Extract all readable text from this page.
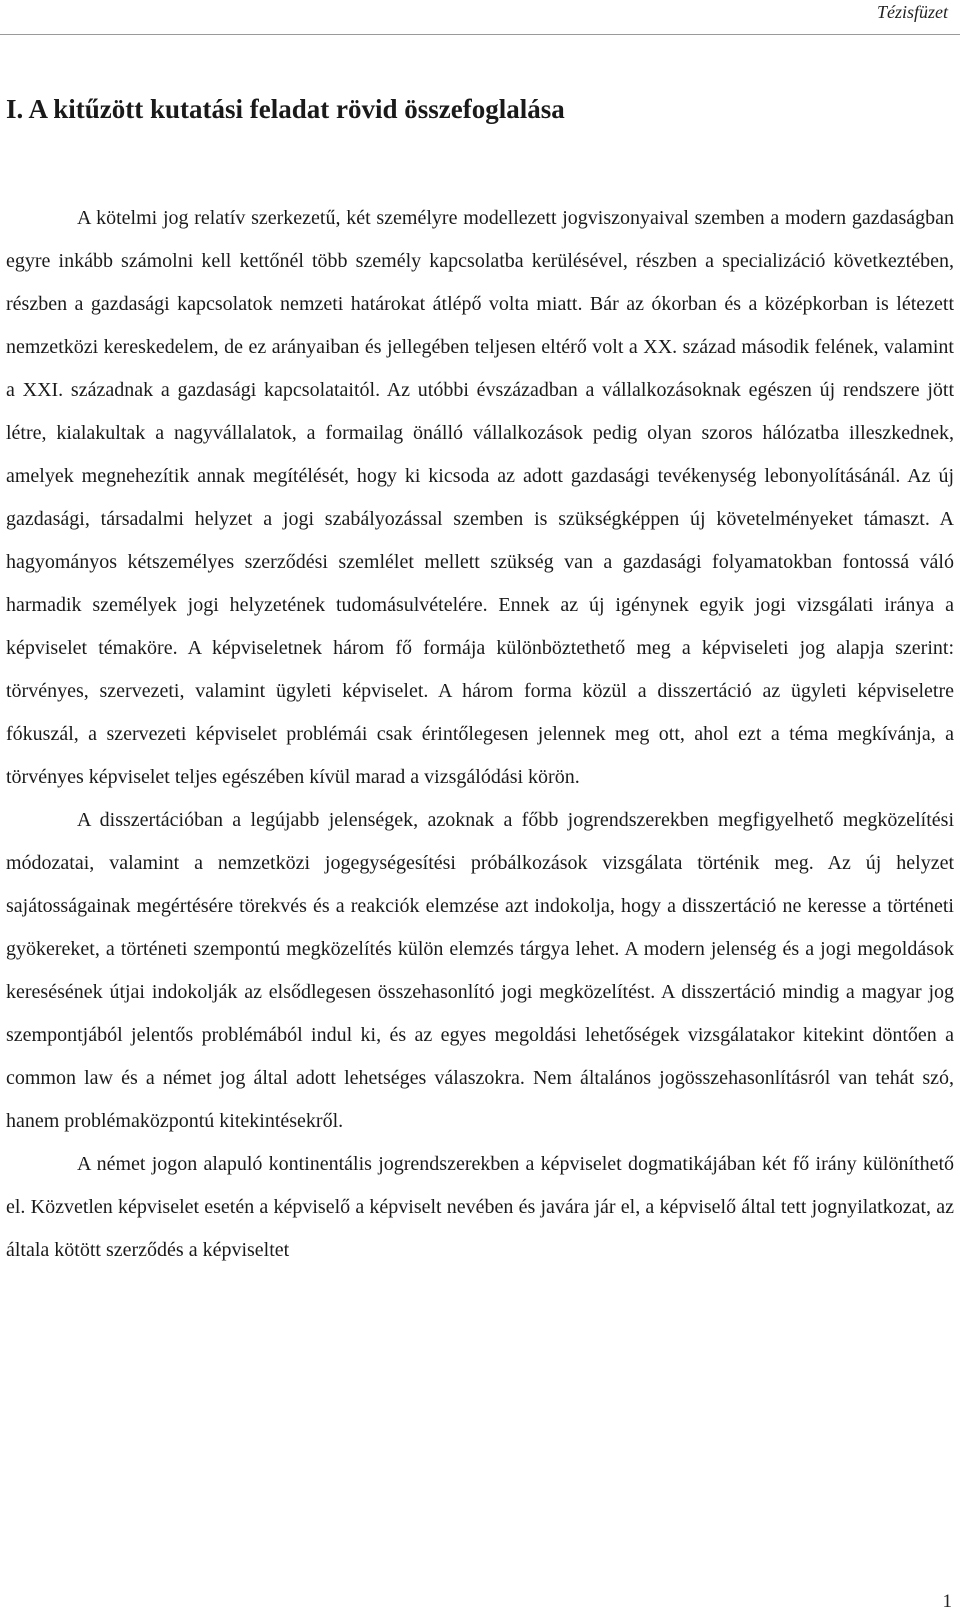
Tézisfüzet
I. A kitűzött kutatási feladat rövid összefoglalása

A kötelmi jog relatív szerkezetű, két személyre modellezett jogviszonyaival szemben a modern gazdaságban egyre inkább számolni kell kettőnél több személy kapcsolatba kerülésével, részben a specializáció következtében, részben a gazdasági kapcsolatok nemzeti határokat átlépő volta miatt. Bár az ókorban és a középkorban is létezett nemzetközi kereskedelem, de ez arányaiban és jellegében teljesen eltérő volt a XX. század második felének, valamint a XXI. századnak a gazdasági kapcsolataitól. Az utóbbi évszázadban a vállalkozásoknak egészen új rendszere jött létre, kialakultak a nagyvállalatok, a formailag önálló vállalkozások pedig olyan szoros hálózatba illeszkednek, amelyek megnehezítik annak megítélését, hogy ki kicsoda az adott gazdasági tevékenység lebonyolításánál. Az új gazdasági, társadalmi helyzet a jogi szabályozással szemben is szükségképpen új követelményeket támaszt. A hagyományos kétszemélyes szerződési szemlélet mellett szükség van a gazdasági folyamatokban fontossá váló harmadik személyek jogi helyzetének tudomásulvételére. Ennek az új igénynek egyik jogi vizsgálati iránya a képviselet témaköre. A képviseletnek három fő formája különböztethető meg a képviseleti jog alapja szerint: törvényes, szervezeti, valamint ügyleti képviselet. A három forma közül a disszertáció az ügyleti képviseletre fókuszál, a szervezeti képviselet problémái csak érintőlegesen jelennek meg ott, ahol ezt a téma megkívánja, a törvényes képviselet teljes egészében kívül marad a vizsgálódási körön.

A disszertációban a legújabb jelenségek, azoknak a főbb jogrendszerekben megfigyelhető megközelítési módozatai, valamint a nemzetközi jogegységesítési próbálkozások vizsgálata történik meg. Az új helyzet sajátosságainak megértésére törekvés és a reakciók elemzése azt indokolja, hogy a disszertáció ne keresse a történeti gyökereket, a történeti szempontú megközelítés külön elemzés tárgya lehet. A modern jelenség és a jogi megoldások keresésének útjai indokolják az elsődlegesen összehasonlító jogi megközelítést. A disszertáció mindig a magyar jog szempontjából jelentős problémából indul ki, és az egyes megoldási lehetőségek vizsgálatakor kitekint döntően a common law és a német jog által adott lehetséges válaszokra. Nem általános jogösszehasonlításról van tehát szó, hanem problémaközpontú kitekintésekről.

A német jogon alapuló kontinentális jogrendszerekben a képviselet dogmatikájában két fő irány különíthető el. Közvetlen képviselet esetén a képviselő a képviselt nevében és javára jár el, a képviselő által tett jognyilatkozat, az általa kötött szerződés a képviseltet

1
